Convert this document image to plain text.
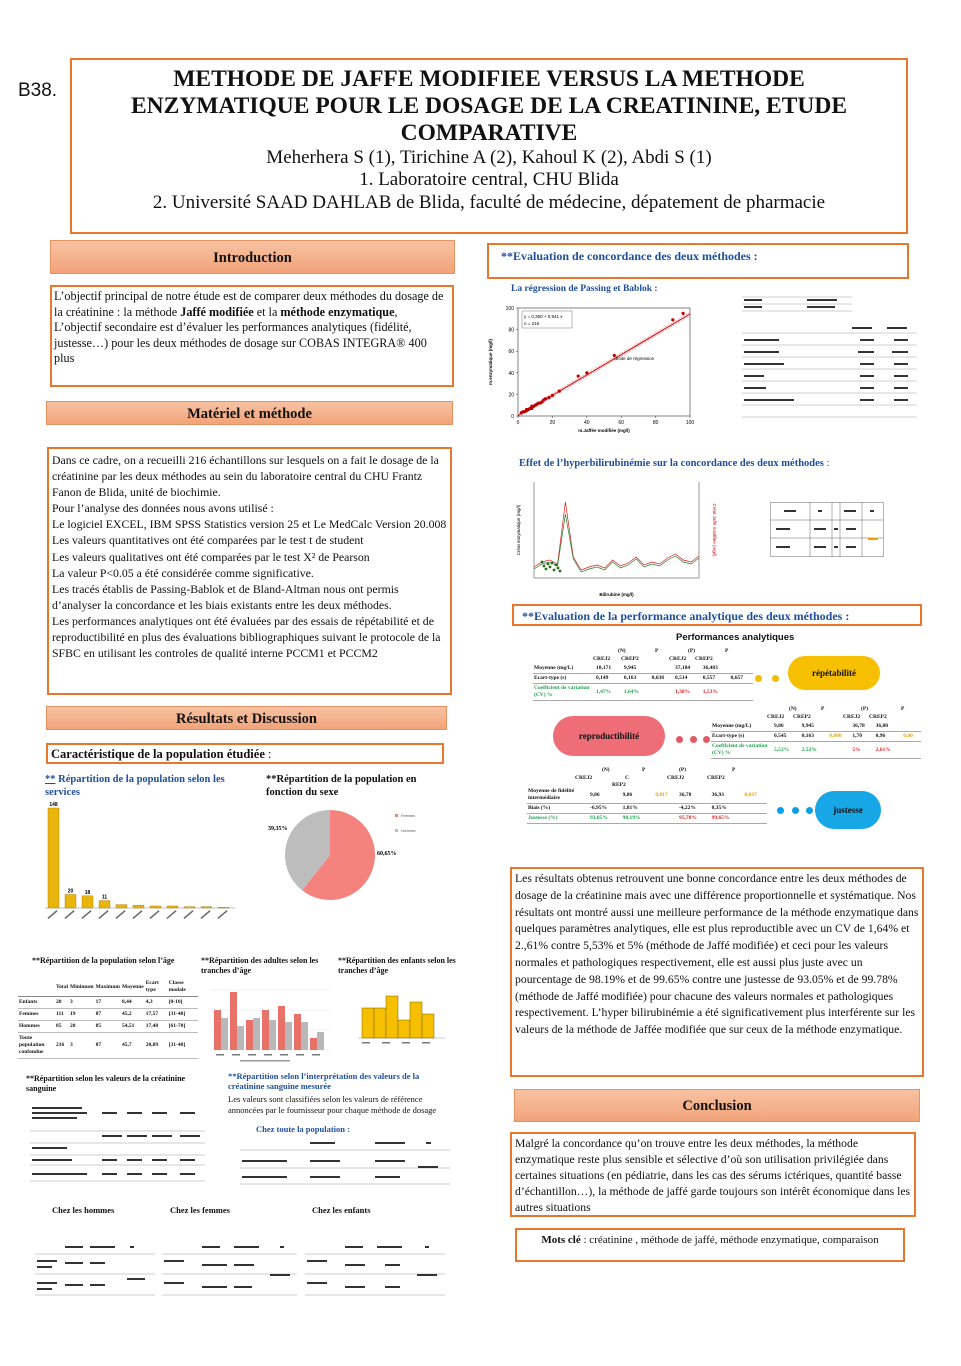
B38.	METHODE DE JAFFE MODIFIEE VERSUS LA METHODE ENZYMATIQUE POUR LE DOSAGE DE LA CREATININE, ETUDE COMPARATIVE
Meherhera S (1), Tirichine A (2), Kahoul K (2), Abdi S (1)
1. Laboratoire central, CHU Blida
2. Université SAAD DAHLAB de Blida, faculté de médecine, dépatement de pharmacie
Introduction
L’objectif principal de notre étude est de comparer deux méthodes du dosage de la créatinine : la méthode Jaffé modifiée et la méthode enzymatique,
L’objectif secondaire est d’évaluer les performances analytiques (fidélité, justesse…) pour les deux méthodes de dosage sur COBAS INTEGRA® 400 plus
Matériel et méthode
Dans ce cadre, on a recueilli 216 échantillons sur lesquels on a fait le dosage de la créatinine par les deux méthodes au sein du laboratoire central du CHU Frantz Fanon de Blida, unité de biochimie.
Pour l’analyse des données nous avons utilisé :
Le logiciel EXCEL, IBM SPSS Statistics version 25 et Le MedCalc Version 20.008
Les valeurs quantitatives ont été comparées par le test t de student
Les valeurs qualitatives ont été comparées par le test X² de Pearson
La valeur P<0.05 a été considérée comme significative.
Les tracés établis de Passing-Bablok et de Bland-Altman nous ont permis d’analyser la concordance et les biais existants entre les deux méthodes.
Les performances analytiques ont été évaluées par des essais de répétabilité et de reproductibilité en plus des évaluations bibliographiques suivant le protocole de la SFBC en utilisant les controles de qualité interne PCCM1 et PCCM2
Résultats et Discussion
Caractéristique de la population étudiée :
** Répartition de la population selon les services
148
20 18
11
**Répartition de la population en fonction du sexe
60,65%
39,35%
Femmes
Hommes
**Répartition de la population selon l’âge
	Total	Minimum	Maximum	Moyenne	Ecart type	Classe modale
Enfants	20	3	17	8,44	4,3	[0-10]
Femmes	111	19	87	45,2	17,57	[31-40]
Hommes	85	20	85	54,51	17,48	[61-70]
Toute population confondue	216	3	87	45,7	20,89	[31-40]
**Répartition des adultes selon les tranches d’âge
**Répartition des enfants selon les tranches d’âge
**Répartition selon les valeurs de la créatinine sanguine
**Répartition selon l’interprétation des valeurs de la créatinine sanguine mesurée
Les valeurs sont classifiées selon les valeurs de référence annoncées par le fournisseur pour chaque méthode de dosage
Chez toute la population :
Chez les hommes	Chez les femmes	Chez les enfants
**Evaluation de concordance des deux méthodes :
La régression de Passing et Bablok :
0
0
20
20
40
40
60
60
80
80
100
100
y = 0,350 + 0,941 x
n = 216
droite de régression
m.Jaffée modifiée (mg/l)
m.enzymatique (mg/l)
Effet de l’hyperbilirubinémie sur la concordance des deux méthodes :
Créat enzymatique (mg/l)	Créat Jaffé modifiée (mg/l)
Bilirubine (mg/l)
**Evaluation de la performance analytique des deux méthodes :
Performances analytiques
(N)	P	(P)	P
CREJ2 CREP2	CREJ2 CREP2
Moyenne (mg/L)	10,171	9,945		37,184	36,483	
Ecart-type (s)	0,149	0,163	0,638	0,514	0,557	0,657
Coefficient de variation (CV) %	1,47%	1,64%		1,38%	1,53%	
répétabilité
reproductibilité
(N)	P	(P)	P
CREJ2 CREP2	CREJ2 CREP2
Moyenne (mg/L)	9,86	9,945		36,78	36,80	
Ecart-type (s)	0,545	0,163	0,000	1,70	0,96	0,00
Coefficient de variation (CV) %	5,53%	2,52%		5%	2,61%	
(N)	P	(P)	P
CREJ2	C
REP2
CREJ2	CREP2
Moyenne de fidélité intermédiaire	9,86	9,86	0,017	36,78	36,93	0,037
Biais (%)	-6,95%	1,81%		-4,22%	0,35%	
Justesse (%)	93,05%	98,19%		95,78%	99,65%	
justesse
Les résultats obtenus retrouvent une bonne concordance entre les deux méthodes de dosage de la créatinine mais avec une différence proportionnelle et systématique. Nos résultats ont montré aussi une meilleure performance de la méthode enzymatique dans quelques paramètres analytiques, elle est plus reproductible avec un CV de 1,64% et 2.,61% contre 5,53% et 5% (méthode de Jaffé modifiée) et ceci pour les valeurs normales et pathologiques respectivement, elle est aussi plus juste avec un pourcentage de 98.19% et de 99.65% contre une justesse de 93.05% et de 99.78% (méthode de Jaffé modifiée) pour chacune des valeurs normales et pathologiques respectivement. L’hyper bilirubinémie a été significativement plus interférente sur les valeurs de la méthode de Jaffée modifiée que sur ceux de la méthode enzymatique.
Conclusion
Malgré la concordance qu’on trouve entre les deux méthodes, la méthode enzymatique reste plus sensible et sélective d’où son utilisation privilégiée dans certaines situations (en pédiatrie, dans les cas des sérums ictériques, quantité basse d’échantillon…), la méthode de jaffé garde toujours son intérêt économique dans les autres situations
Mots clé : créatinine , méthode de jaffé, méthode enzymatique, comparaison
